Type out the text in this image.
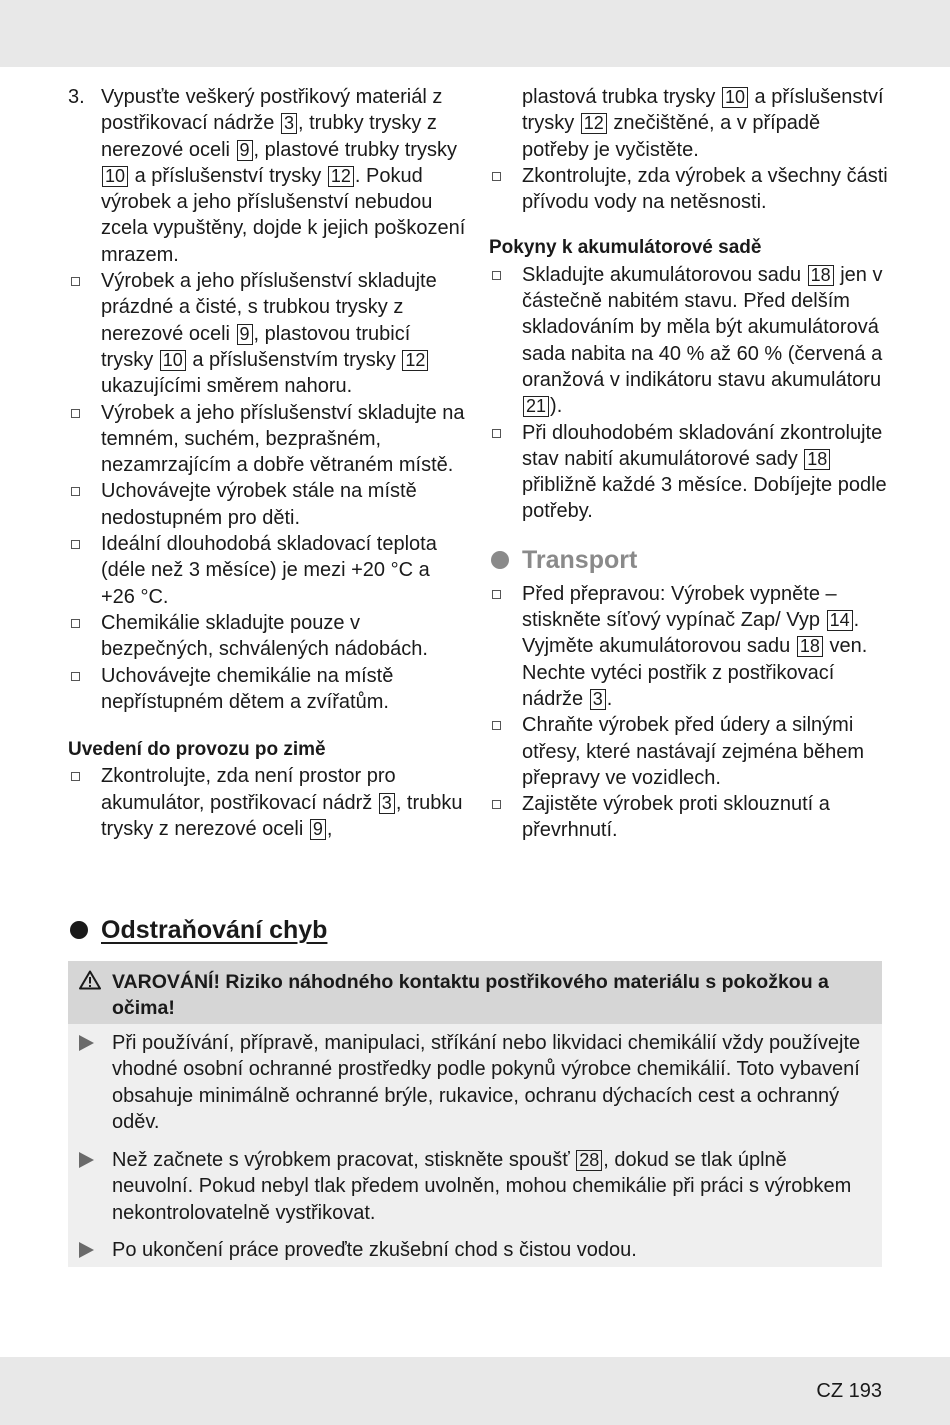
3. Vypusťte veškerý postřikový materiál z postřikovací nádrže 3 , trubky trysky z nerezové oceli 9 , plastové trubky trysky 10 a příslušenství trysky 12 . Pokud výrobek a jeho příslušenství nebudou zcela vypuštěny, dojde k jejich poškození mrazem.
Výrobek a jeho příslušenství skladujte prázdné a čisté, s trubkou trysky z nerezové oceli 9 , plastovou trubicí trysky 10 a příslušenstvím trysky 12 ukazujícími směrem nahoru.
Výrobek a jeho příslušenství skladujte na temném, suchém, bezprašném, nezamrzajícím a dobře větraném místě.
Uchovávejte výrobek stále na místě nedostupném pro děti.
Ideální dlouhodobá skladovací teplota (déle než 3 měsíce) je mezi +20 °C a +26 °C.
Chemikálie skladujte pouze v bezpečných, schválených nádobách.
Uchovávejte chemikálie na místě nepřístupném dětem a zvířatům.
Uvedení do provozu po zimě
Zkontrolujte, zda není prostor pro akumulátor, postřikovací nádrž 3 , trubku trysky z nerezové oceli 9 ,
plastová trubka trysky 10 a příslušenství trysky 12 znečištěné, a v případě potřeby je vyčistěte.
Zkontrolujte, zda výrobek a všechny části přívodu vody na netěsnosti.
Pokyny k akumulátorové sadě
Skladujte akumulátorovou sadu 18 jen v částečně nabitém stavu. Před delším skladováním by měla být akumulátorová sada nabita na 40 % až 60 % (červená a oranžová v indikátoru stavu akumulátoru 21 ).
Při dlouhodobém skladování zkontrolujte stav nabití akumulátorové sady 18 přibližně každé 3 měsíce. Dobíjejte podle potřeby.
Transport
Před přepravou: Výrobek vypněte – stiskněte síťový vypínač Zap/ Vyp 14 . Vyjměte akumulátorovou sadu 18 ven. Nechte vytéci postřik z postřikovací nádrže 3 .
Chraňte výrobek před údery a silnými otřesy, které nastávají zejména během přepravy ve vozidlech.
Zajistěte výrobek proti sklouznutí a převrhnutí.
Odstraňování chyb
VAROVÁNÍ! Riziko náhodného kontaktu postřikového materiálu s pokožkou a očima!
Při používání, přípravě, manipulaci, stříkání nebo likvidaci chemikálií vždy používejte vhodné osobní ochranné prostředky podle pokynů výrobce chemikálií. Toto vybavení obsahuje minimálně ochranné brýle, rukavice, ochranu dýchacích cest a ochranný oděv.
Než začnete s výrobkem pracovat, stiskněte spoušť 28 , dokud se tlak úplně neuvolní. Pokud nebyl tlak předem uvolněn, mohou chemikálie při práci s výrobkem nekontrolovatelně vystřikovat.
Po ukončení práce proveďte zkušební chod s čistou vodou.
CZ 193
